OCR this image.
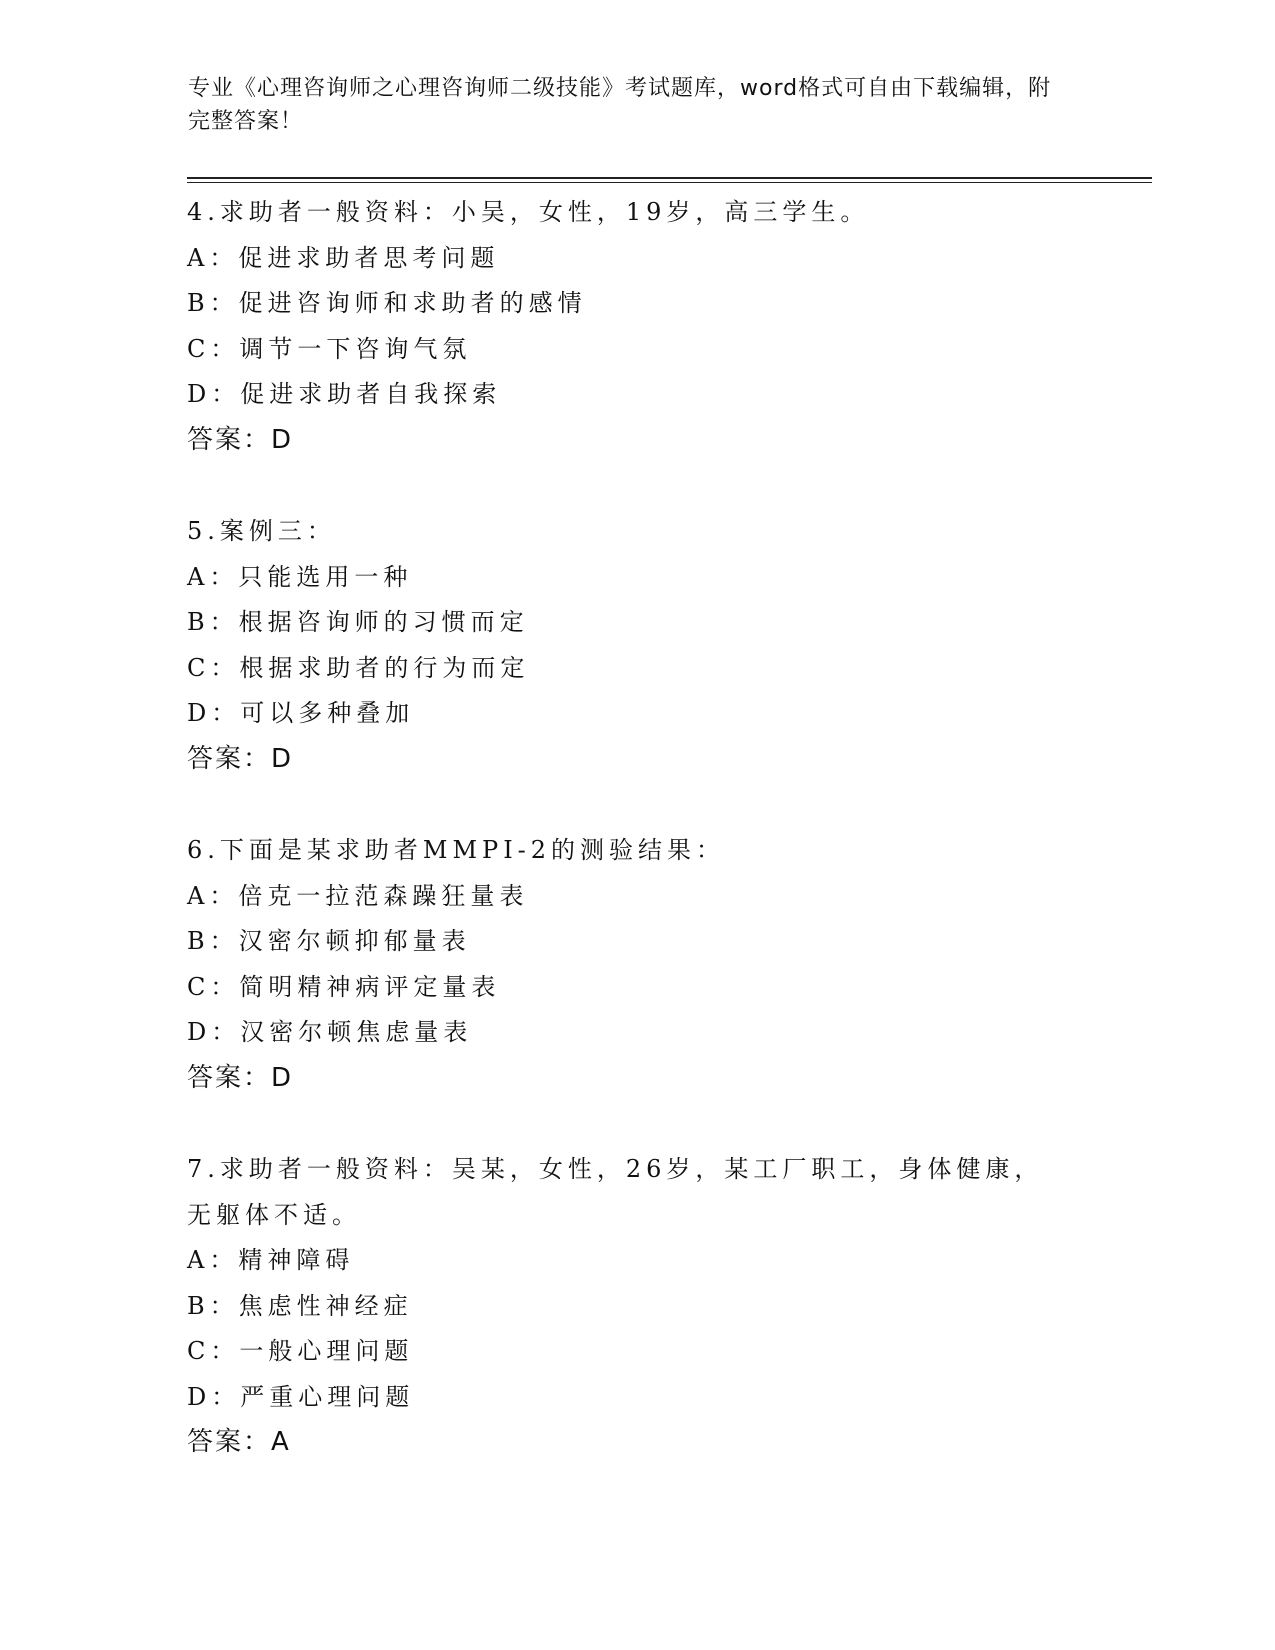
专业《心理咨询师之心理咨询师二级技能》考试题库，word格式可自由下载编辑，附完整答案！

4.求助者一般资料：小吴，女性，19岁，高三学生。

A：促进求助者思考问题

B：促进咨询师和求助者的感情

C：调节一下咨询气氛

D：促进求助者自我探索

答案：D

5.案例三：

A：只能选用一种

B：根据咨询师的习惯而定

C：根据求助者的行为而定

D：可以多种叠加

答案：D

6.下面是某求助者MMPI-2的测验结果：

A：倍克一拉范森躁狂量表

B：汉密尔顿抑郁量表

C：简明精神病评定量表

D：汉密尔顿焦虑量表

答案：D

7.求助者一般资料：吴某，女性，26岁，某工厂职工，身体健康，无躯体不适。

A：精神障碍

B：焦虑性神经症

C：一般心理问题

D：严重心理问题

答案：A
